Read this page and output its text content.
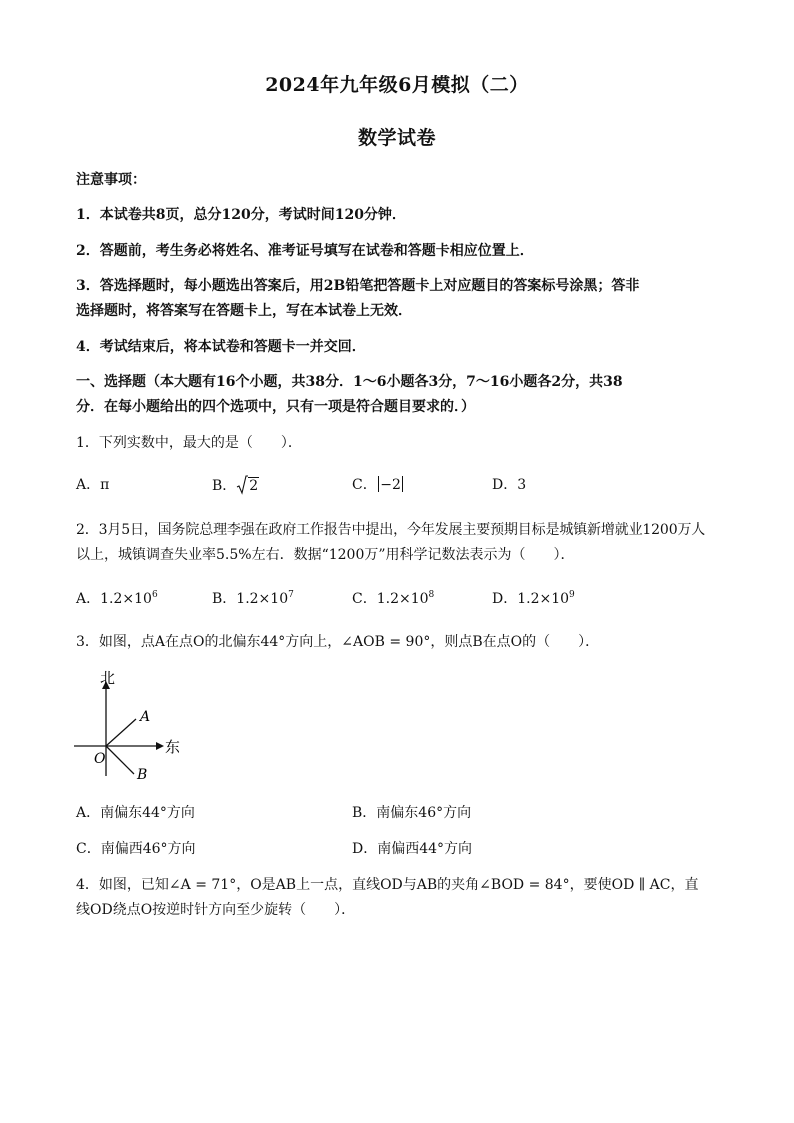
2024年九年级6月模拟（二）
数学试卷
注意事项：
1．本试卷共8页，总分120分，考试时间120分钟．
2．答题前，考生务必将姓名、准考证号填写在试卷和答题卡相应位置上．
3．答选择题时，每小题选出答案后，用2B铅笔把答题卡上对应题目的答案标号涂黑；答非
选择题时，将答案写在答题卡上，写在本试卷上无效．
4．考试结束后，将本试卷和答题卡一并交回．
一、选择题（本大题有16个小题，共38分．1～6小题各3分，7～16小题各2分，共38
分．在每小题给出的四个选项中，只有一项是符合题目要求的．）
1．下列实数中，最大的是（　　）．
A．π	B． 2	C． −2	D．3
2．3月5日，国务院总理李强在政府工作报告中提出，今年发展主要预期目标是城镇新增就业1200万人
以上，城镇调查失业率5.5%左右．数据“1200万”用科学记数法表示为（　　）．
A．$1.2\times 10^6$	B．$1.2\times 10^7$	C．$1.2\times 10^8$	D．$1.2\times 10^9$
3．如图，点A在点O的北偏东44°方向上，∠AOB = 90°，则点B在点O的（　　）．
北
东
A
B
O
A．南偏东44°方向	B．南偏东46°方向
C．南偏西46°方向	D．南偏西44°方向
4．如图，已知∠A = 71°，O是AB上一点，直线OD与AB的夹角∠BOD = 84°，要使OD ∥ AC，直
线OD绕点O按逆时针方向至少旋转（　　）．
